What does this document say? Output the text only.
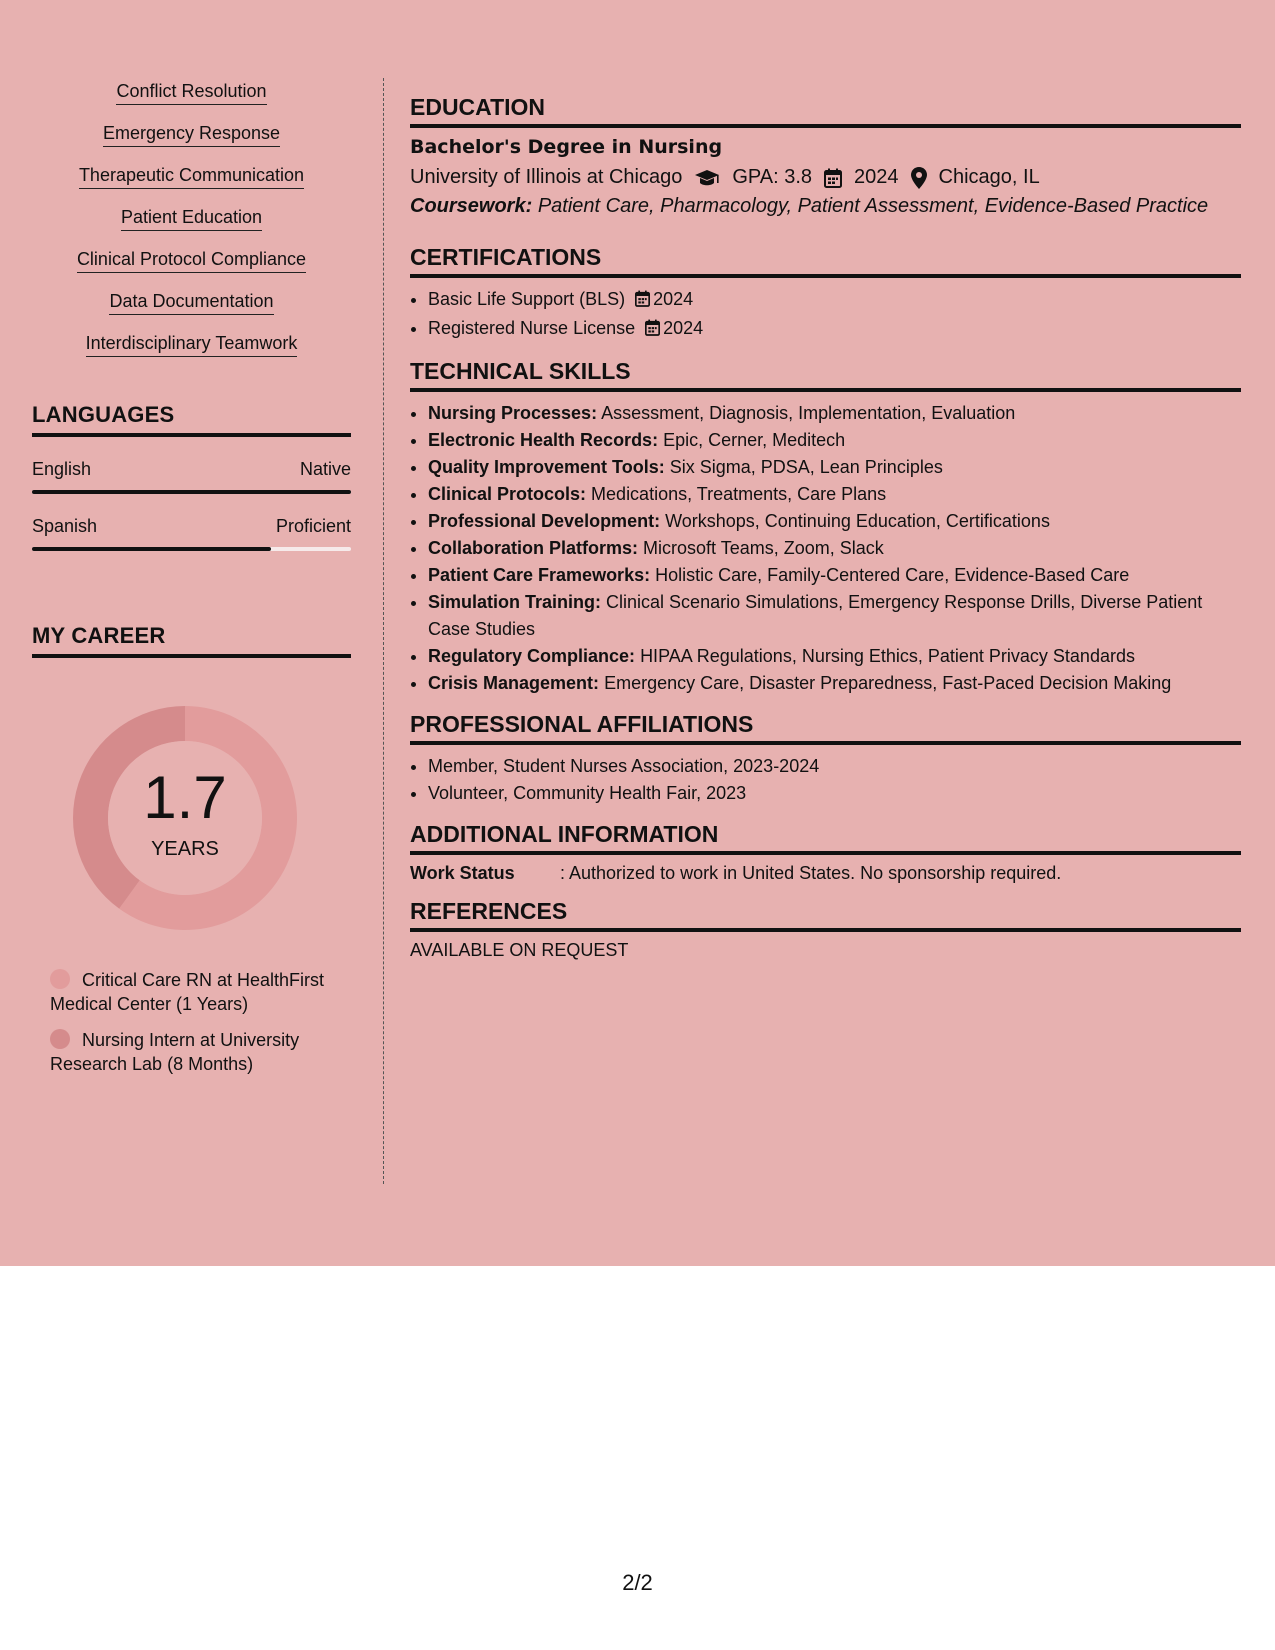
Conflict Resolution
Emergency Response
Therapeutic Communication
Patient Education
Clinical Protocol Compliance
Data Documentation
Interdisciplinary Teamwork
LANGUAGES
English	Native
Spanish	Proficient
MY CAREER
1.7
YEARS
Critical Care RN at HealthFirst Medical Center (1 Years)
Nursing Intern at University Research Lab (8 Months)
EDUCATION
Bachelor's Degree in Nursing
University of Illinois at Chicago	GPA: 3.8 2024 Chicago, IL
Coursework: Patient Care, Pharmacology, Patient Assessment, Evidence-Based Practice
CERTIFICATIONS
• Basic Life Support (BLS) 2024
• Registered Nurse License 2024
TECHNICAL SKILLS
• Nursing Processes: Assessment, Diagnosis, Implementation, Evaluation
• Electronic Health Records: Epic, Cerner, Meditech
• Quality Improvement Tools: Six Sigma, PDSA, Lean Principles
• Clinical Protocols: Medications, Treatments, Care Plans
• Professional Development: Workshops, Continuing Education, Certifications
• Collaboration Platforms: Microsoft Teams, Zoom, Slack
• Patient Care Frameworks: Holistic Care, Family-Centered Care, Evidence-Based Care
• Simulation Training: Clinical Scenario Simulations, Emergency Response Drills, Diverse Patient Case Studies
• Regulatory Compliance: HIPAA Regulations, Nursing Ethics, Patient Privacy Standards
• Crisis Management: Emergency Care, Disaster Preparedness, Fast-Paced Decision Making
PROFESSIONAL AFFILIATIONS
• Member, Student Nurses Association, 2023-2024
• Volunteer, Community Health Fair, 2023
ADDITIONAL INFORMATION
Work Status	: Authorized to work in United States. No sponsorship required.
REFERENCES
AVAILABLE ON REQUEST
2/2
